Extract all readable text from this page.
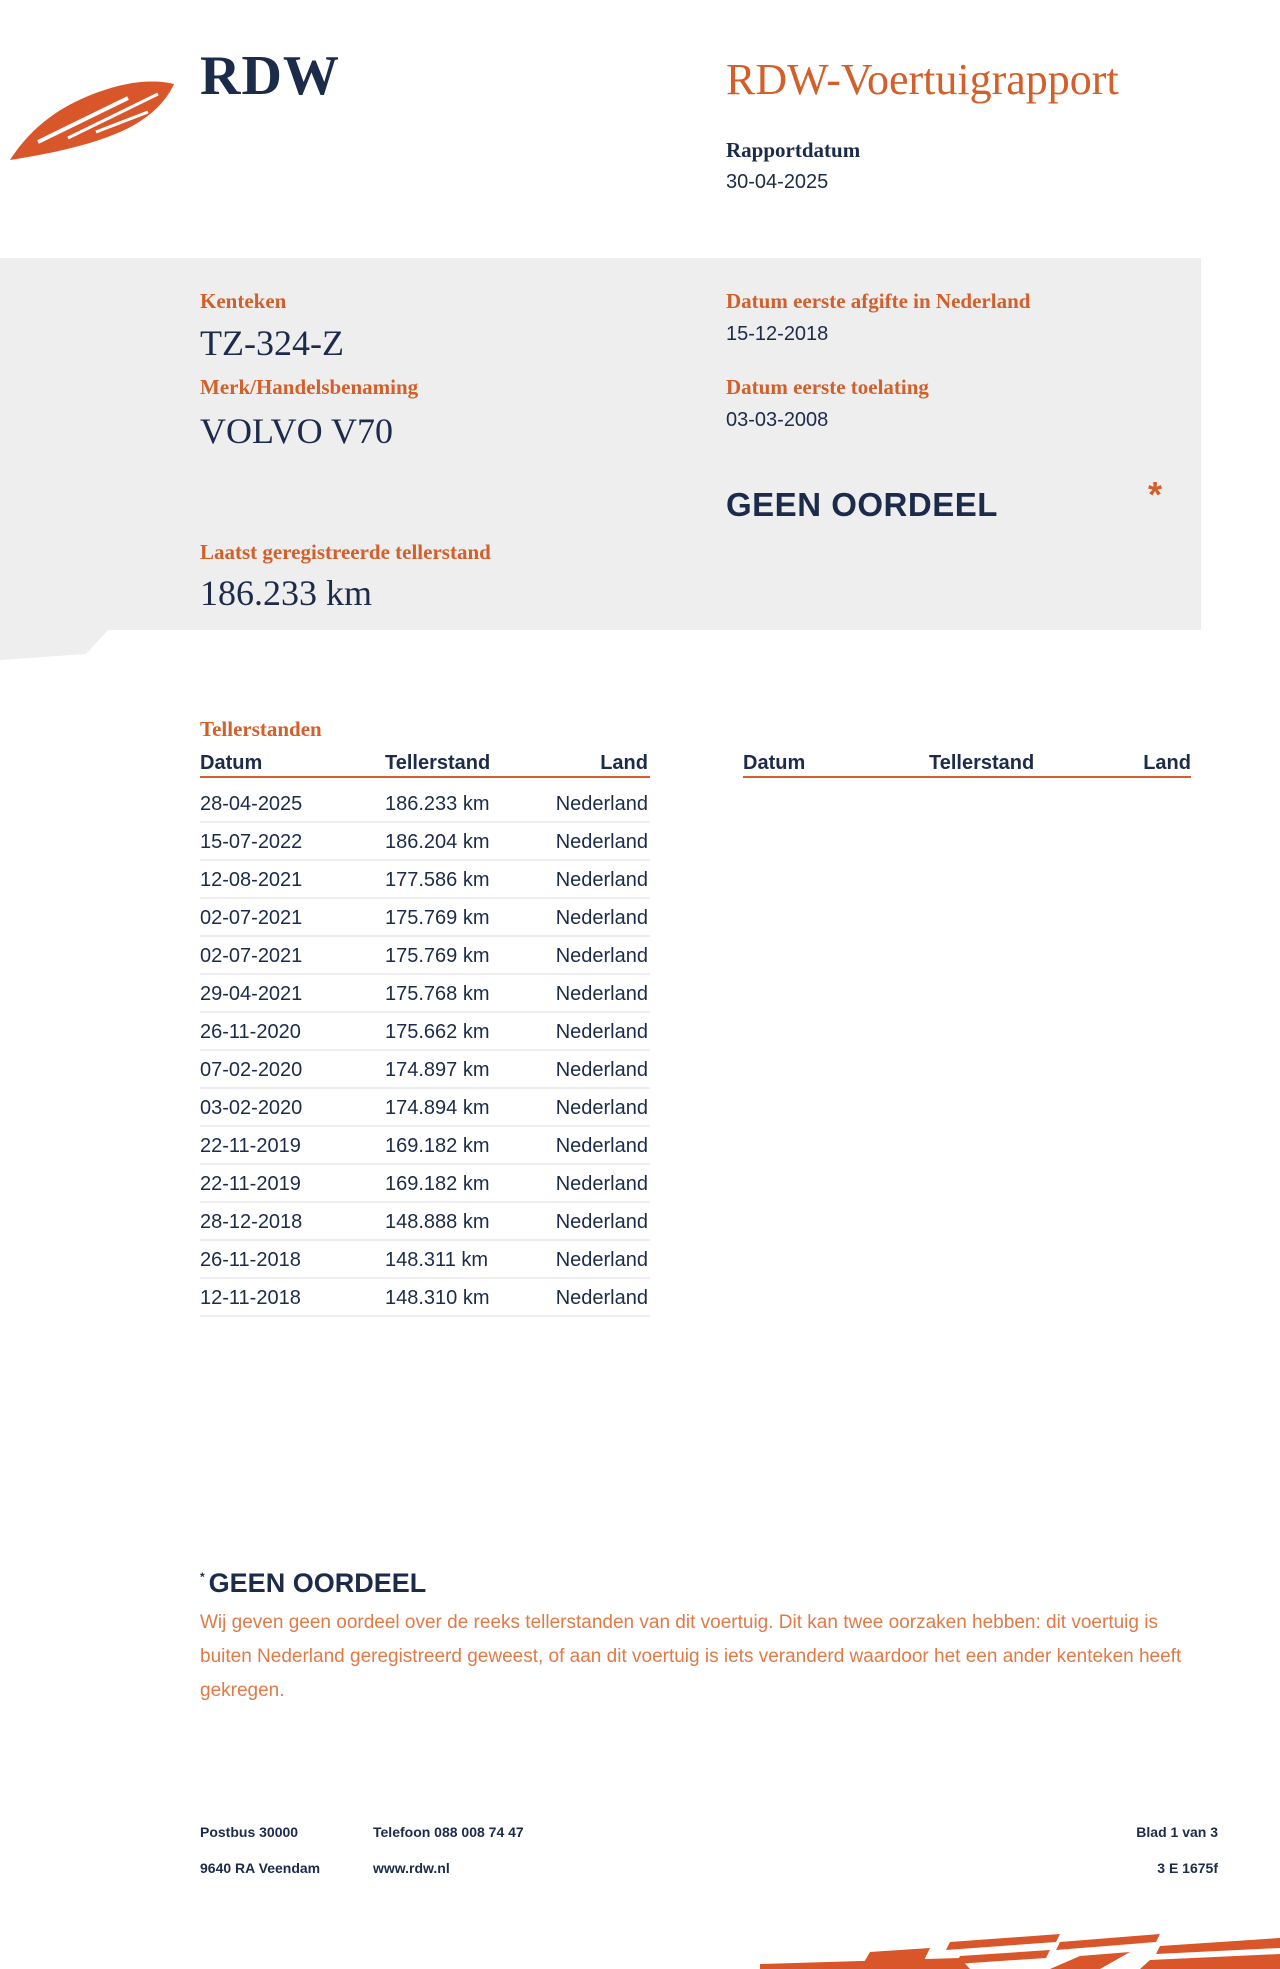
RDW	RDW-Voertuigrapport
Rapportdatum
30-04-2025
Kenteken
TZ-324-Z
Merk/Handelsbenaming
VOLVO V70
Laatst geregistreerde tellerstand
186.233 km
Datum eerste afgifte in Nederland
15-12-2018
Datum eerste toelating
03-03-2008
GEEN OORDEEL	*
Tellerstanden
Datum	Tellerstand	Land	Datum	Tellerstand	Land
28-04-2025	186.233 km	Nederland
15-07-2022	186.204 km	Nederland
12-08-2021	177.586 km	Nederland
02-07-2021	175.769 km	Nederland
02-07-2021	175.769 km	Nederland
29-04-2021	175.768 km	Nederland
26-11-2020	175.662 km	Nederland
07-02-2020	174.897 km	Nederland
03-02-2020	174.894 km	Nederland
22-11-2019	169.182 km	Nederland
22-11-2019	169.182 km	Nederland
28-12-2018	148.888 km	Nederland
26-11-2018	148.311 km	Nederland
12-11-2018	148.310 km	Nederland
* GEEN OORDEEL
Wij geven geen oordeel over de reeks tellerstanden van dit voertuig. Dit kan twee oorzaken hebben: dit voertuig is buiten Nederland geregistreerd geweest, of aan dit voertuig is iets veranderd waardoor het een ander kenteken heeft gekregen.
Postbus 30000
9640 RA Veendam
Telefoon 088 008 74 47
www.rdw.nl
Blad 1 van 3
3 E 1675f
